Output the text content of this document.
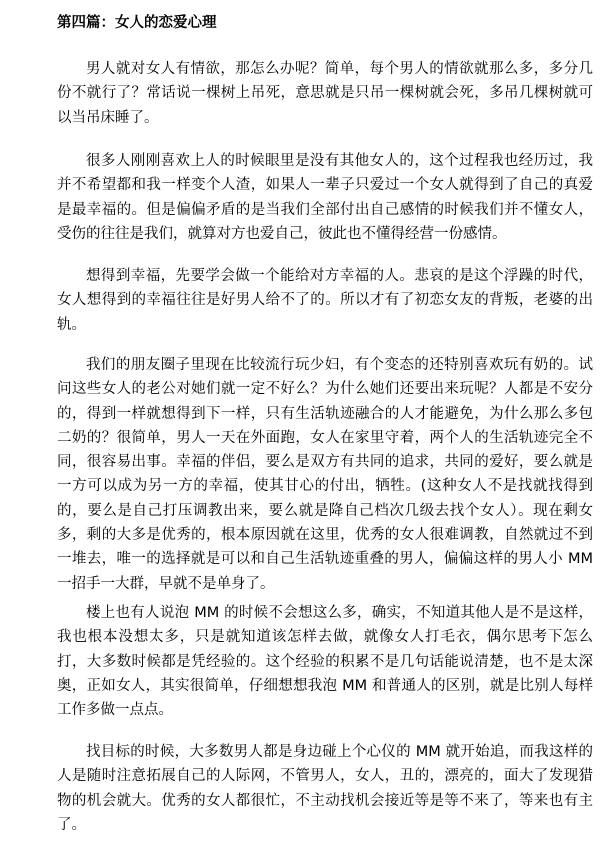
第四篇：女人的恋爱心理

男人就对女人有情欲，那怎么办呢？简单，每个男人的情欲就那么多，多分几份不就行了？常话说一棵树上吊死，意思就是只吊一棵树就会死，多吊几棵树就可以当吊床睡了。

很多人刚刚喜欢上人的时候眼里是没有其他女人的，这个过程我也经历过，我并不希望都和我一样变个人渣，如果人一辈子只爱过一个女人就得到了自己的真爱是最幸福的。但是偏偏矛盾的是当我们全部付出自己感情的时候我们并不懂女人，受伤的往往是我们，就算对方也爱自己，彼此也不懂得经营一份感情。

想得到幸福，先要学会做一个能给对方幸福的人。悲哀的是这个浮躁的时代，女人想得到的幸福往往是好男人给不了的。所以才有了初恋女友的背叛，老婆的出轨。

我们的朋友圈子里现在比较流行玩少妇，有个变态的还特别喜欢玩有奶的。试问这些女人的老公对她们就一定不好么？为什么她们还要出来玩呢？人都是不安分的，得到一样就想得到下一样，只有生活轨迹融合的人才能避免，为什么那么多包二奶的？很简单，男人一天在外面跑，女人在家里守着，两个人的生活轨迹完全不同，很容易出事。幸福的伴侣，要么是双方有共同的追求，共同的爱好，要么就是一方可以成为另一方的幸福，使其甘心的付出，牺牲。(这种女人不是找就找得到的，要么是自己打压调教出来，要么就是降自己档次几级去找个女人）。现在剩女多，剩的大多是优秀的，根本原因就在这里，优秀的女人很难调教，自然就过不到一堆去，唯一的选择就是可以和自己生活轨迹重叠的男人，偏偏这样的男人小 MM 一招手一大群，早就不是单身了。

楼上也有人说泡 MM 的时候不会想这么多，确实，不知道其他人是不是这样，我也根本没想太多，只是就知道该怎样去做，就像女人打毛衣，偶尔思考下怎么打，大多数时候都是凭经验的。这个经验的积累不是几句话能说清楚，也不是太深奥，正如女人，其实很简单，仔细想想我泡 MM 和普通人的区别，就是比别人每样工作多做一点点。

找目标的时候，大多数男人都是身边碰上个心仪的 MM 就开始追，而我这样的人是随时注意拓展自己的人际网，不管男人，女人，丑的，漂亮的，面大了发现猎物的机会就大。优秀的女人都很忙，不主动找机会接近等是等不来了，等来也有主了。
